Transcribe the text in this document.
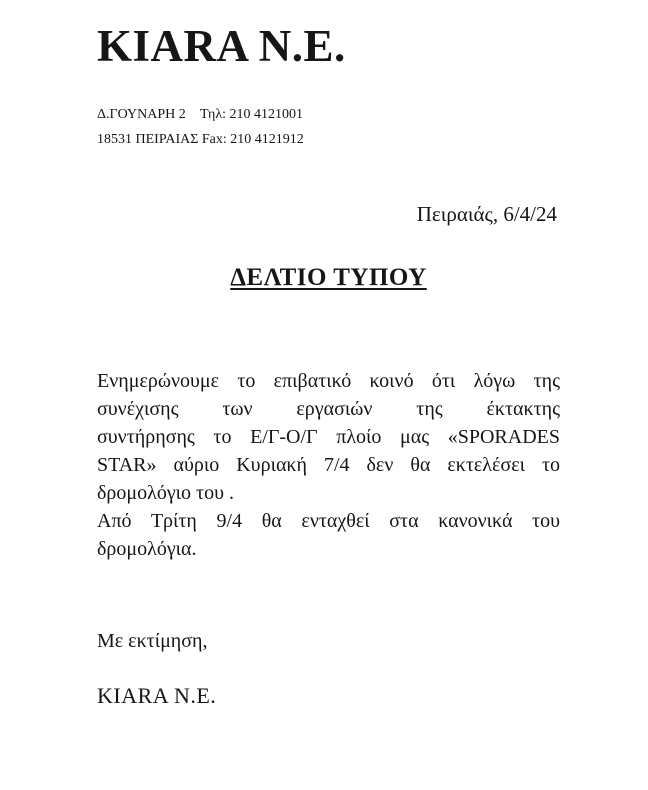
KIARA N.E.
Δ.ΓΟΥΝΑΡΗ 2 Τηλ: 210 4121001
18531 ΠΕΙΡΑΙΑΣ Fax: 210 4121912
Πειραιάς, 6/4/24
ΔΕΛΤΙΟ ΤΥΠΟΥ
Ενημερώνουμε το επιβατικό κοινό ότι λόγω της
συνέχισης των εργασιών της έκτακτης
συντήρησης το Ε/Γ-Ο/Γ πλοίο μας «SPORADES
STAR» αύριο Κυριακή 7/4 δεν θα εκτελέσει το
δρομολόγιο του .
Από Τρίτη 9/4 θα ενταχθεί στα κανονικά του
δρομολόγια.
Με εκτίμηση,
KIARA N.E.
